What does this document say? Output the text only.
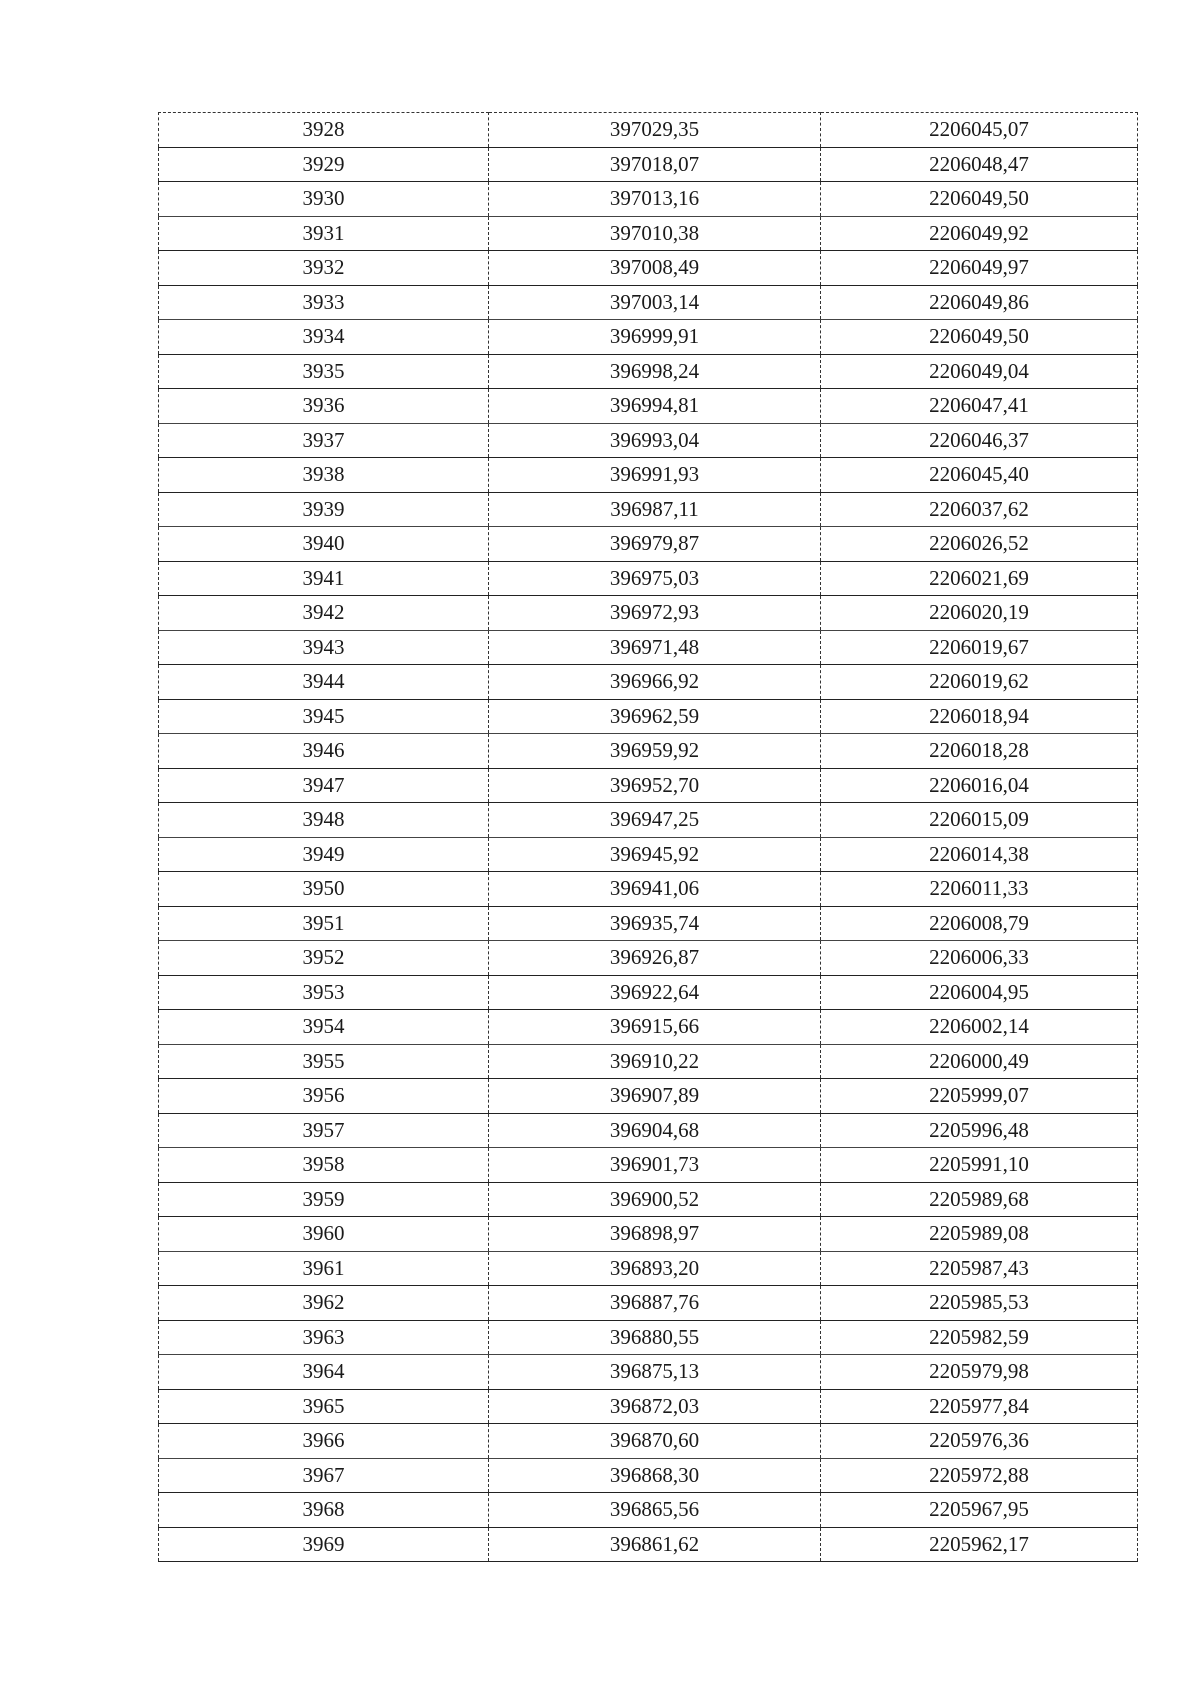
3928	397029,35	2206045,07
3929	397018,07	2206048,47
3930	397013,16	2206049,50
3931	397010,38	2206049,92
3932	397008,49	2206049,97
3933	397003,14	2206049,86
3934	396999,91	2206049,50
3935	396998,24	2206049,04
3936	396994,81	2206047,41
3937	396993,04	2206046,37
3938	396991,93	2206045,40
3939	396987,11	2206037,62
3940	396979,87	2206026,52
3941	396975,03	2206021,69
3942	396972,93	2206020,19
3943	396971,48	2206019,67
3944	396966,92	2206019,62
3945	396962,59	2206018,94
3946	396959,92	2206018,28
3947	396952,70	2206016,04
3948	396947,25	2206015,09
3949	396945,92	2206014,38
3950	396941,06	2206011,33
3951	396935,74	2206008,79
3952	396926,87	2206006,33
3953	396922,64	2206004,95
3954	396915,66	2206002,14
3955	396910,22	2206000,49
3956	396907,89	2205999,07
3957	396904,68	2205996,48
3958	396901,73	2205991,10
3959	396900,52	2205989,68
3960	396898,97	2205989,08
3961	396893,20	2205987,43
3962	396887,76	2205985,53
3963	396880,55	2205982,59
3964	396875,13	2205979,98
3965	396872,03	2205977,84
3966	396870,60	2205976,36
3967	396868,30	2205972,88
3968	396865,56	2205967,95
3969	396861,62	2205962,17
